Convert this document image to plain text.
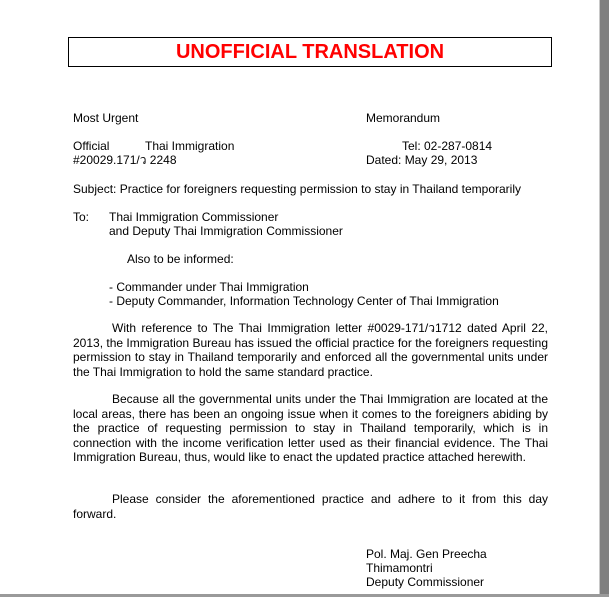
UNOFFICIAL TRANSLATION
Most Urgent	Memorandum
Official	Thai Immigration	Tel: 02-287-0814
#20029.171/ว 2248	Dated: May 29, 2013
Subject: Practice for foreigners requesting permission to stay in Thailand temporarily
To: Thai Immigration Commissioner
and Deputy Thai Immigration Commissioner
Also to be informed:
- Commander under Thai Immigration
- Deputy Commander, Information Technology Center of Thai Immigration
With reference to The Thai Immigration letter #0029-171/ว1712 dated April 22, 2013, the Immigration Bureau has issued the official practice for the foreigners requesting permission to stay in Thailand temporarily and enforced all the governmental units under the Thai Immigration to hold the same standard practice.
Because all the governmental units under the Thai Immigration are located at the local areas, there has been an ongoing issue when it comes to the foreigners abiding by the practice of requesting permission to stay in Thailand temporarily, which is in connection with the income verification letter used as their financial evidence. The Thai Immigration Bureau, thus, would like to enact the updated practice attached herewith.
Please consider the aforementioned practice and adhere to it from this day forward.
Pol. Maj. Gen Preecha
Thimamontri
Deputy Commissioner
